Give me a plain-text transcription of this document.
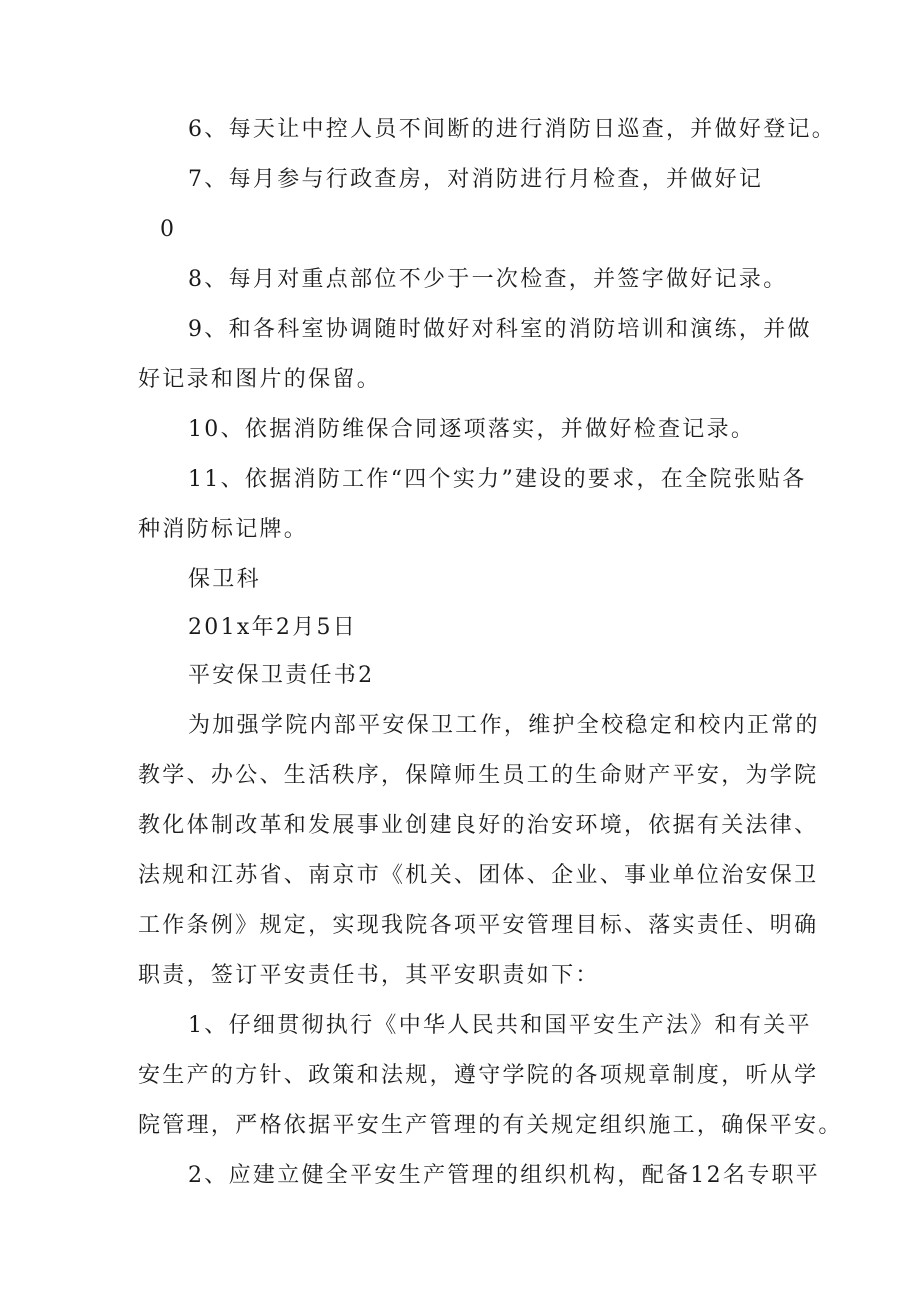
6、每天让中控人员不间断的进行消防日巡查，并做好登记。
7、每月参与行政查房，对消防进行月检查，并做好记
0
8、每月对重点部位不少于一次检查，并签字做好记录。
9、和各科室协调随时做好对科室的消防培训和演练，并做
好记录和图片的保留。
10、依据消防维保合同逐项落实，并做好检查记录。
11、依据消防工作“四个实力”建设的要求，在全院张贴各
种消防标记牌。
保卫科
201x年2月5日
平安保卫责任书2
为加强学院内部平安保卫工作，维护全校稳定和校内正常的
教学、办公、生活秩序，保障师生员工的生命财产平安，为学院
教化体制改革和发展事业创建良好的治安环境，依据有关法律、
法规和江苏省、南京市《机关、团体、企业、事业单位治安保卫
工作条例》规定，实现我院各项平安管理目标、落实责任、明确
职责，签订平安责任书，其平安职责如下：
1、仔细贯彻执行《中华人民共和国平安生产法》和有关平
安生产的方针、政策和法规，遵守学院的各项规章制度，听从学
院管理，严格依据平安生产管理的有关规定组织施工，确保平安。
2、应建立健全平安生产管理的组织机构，配备12名专职平
